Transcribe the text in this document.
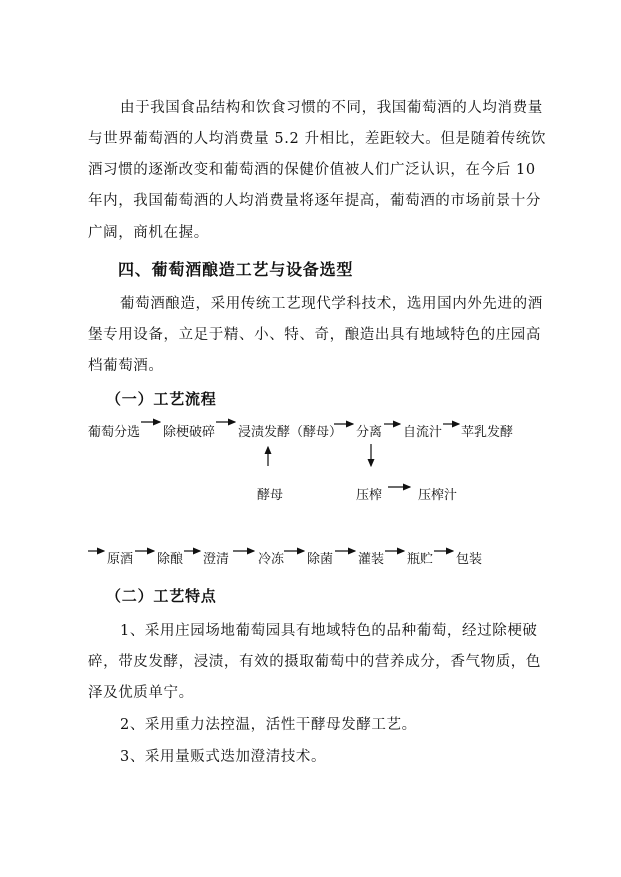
由于我国食品结构和饮食习惯的不同，我国葡萄酒的人均消费量
与世界葡萄酒的人均消费量 5.2 升相比，差距较大。但是随着传统饮
酒习惯的逐渐改变和葡萄酒的保健价值被人们广泛认识，在今后 10
年内，我国葡萄酒的人均消费量将逐年提高，葡萄酒的市场前景十分
广阔，商机在握。
四、葡萄酒酿造工艺与设备选型
葡萄酒酿造，采用传统工艺现代学科技术，选用国内外先进的酒
堡专用设备，立足于精、小、特、奇，酿造出具有地域特色的庄园高
档葡萄酒。
（一）工艺流程
葡萄分选 除梗破碎 浸渍发酵（酵母） 分离 自流汁 苹乳发酵
酵母	压榨	压榨汁
原酒 除酿 澄清 冷冻 除菌 灌装 瓶贮 包装
（二）工艺特点
1、采用庄园场地葡萄园具有地域特色的品种葡萄，经过除梗破
碎，带皮发酵，浸渍，有效的摄取葡萄中的营养成分，香气物质，色
泽及优质单宁。
2、采用重力法控温，活性干酵母发酵工艺。
3、采用量贩式迭加澄清技术。
